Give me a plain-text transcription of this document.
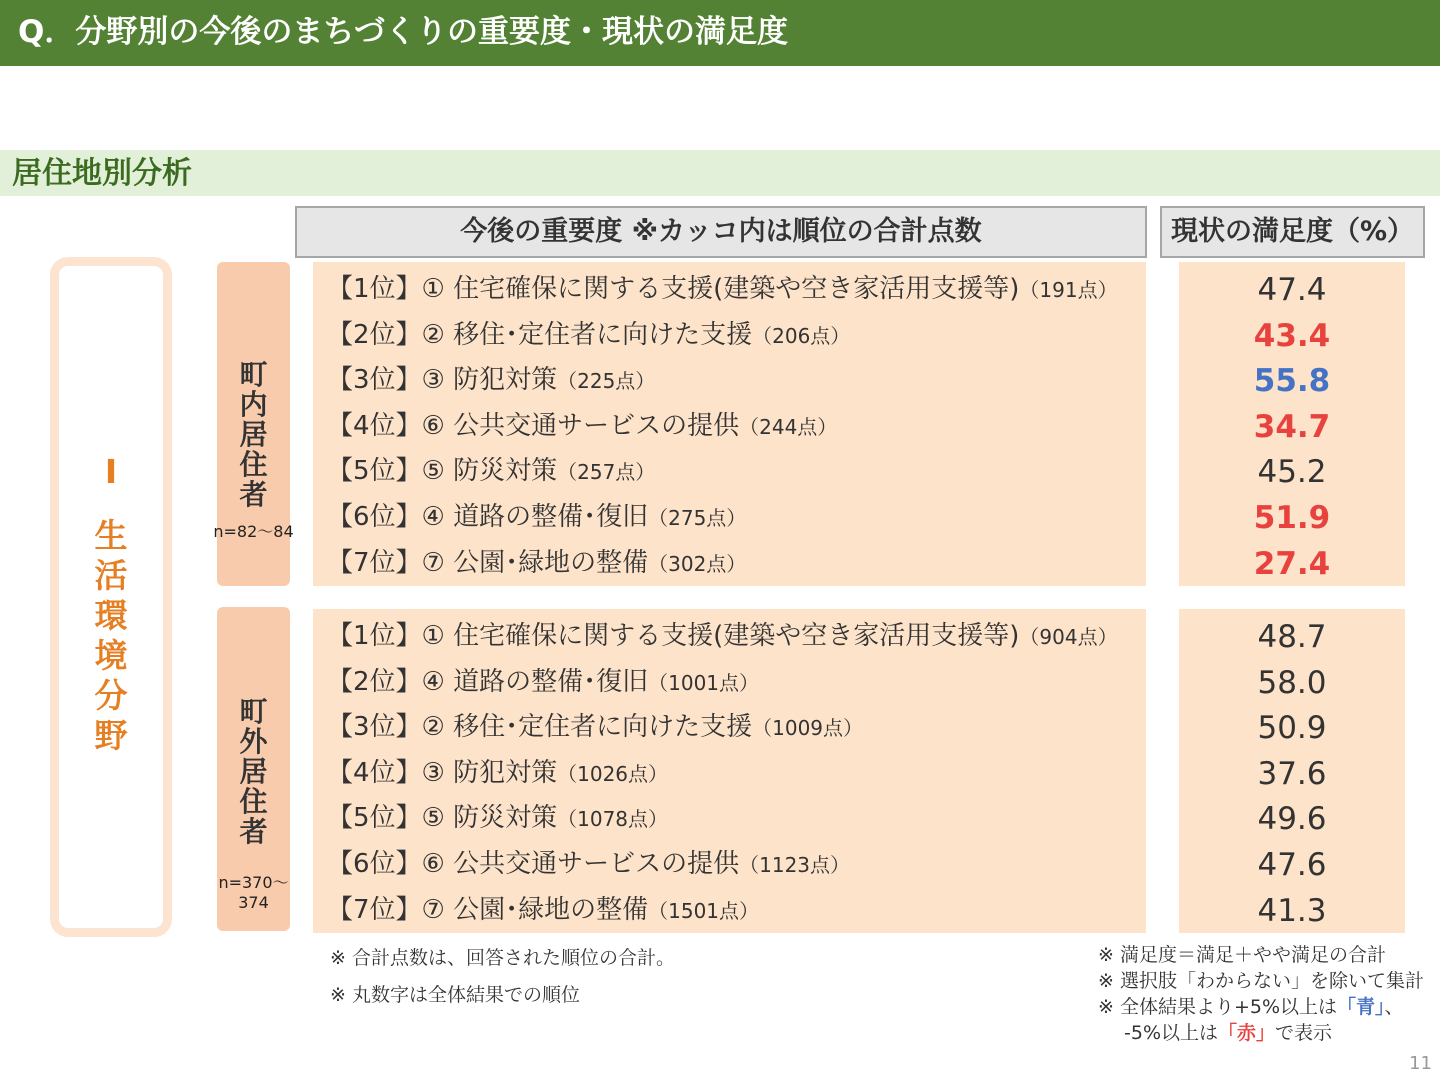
Q．分野別の今後のまちづくりの重要度・現状の満足度
居住地別分析
今後の重要度 ※カッコ内は順位の合計点数	現状の満足度（%）
Ⅰ
生
活
環
境
分
野
町
内
居
住
者
n=82～84
町
外
居
住
者
n=370～
374
【1位】① 住宅確保に関する支援(建築や空き家活用支援等)（191点）
【2位】② 移住･定住者に向けた支援（206点）
【3位】③ 防犯対策（225点）
【4位】⑥ 公共交通サービスの提供（244点）
【5位】⑤ 防災対策（257点）
【6位】④ 道路の整備･復旧（275点）
【7位】⑦ 公園･緑地の整備（302点）
47.4
43.4
55.8
34.7
45.2
51.9
27.4
【1位】① 住宅確保に関する支援(建築や空き家活用支援等)（904点）
【2位】④ 道路の整備･復旧（1001点）
【3位】② 移住･定住者に向けた支援（1009点）
【4位】③ 防犯対策（1026点）
【5位】⑤ 防災対策（1078点）
【6位】⑥ 公共交通サービスの提供（1123点）
【7位】⑦ 公園･緑地の整備（1501点）
48.7
58.0
50.9
37.6
49.6
47.6
41.3
※ 合計点数は、回答された順位の合計。
※ 丸数字は全体結果での順位
※ 満足度＝満足＋やや満足の合計
※ 選択肢「わからない」を除いて集計
※ 全体結果より+5%以上は「青」、
-5%以上は「赤」で表示
11
